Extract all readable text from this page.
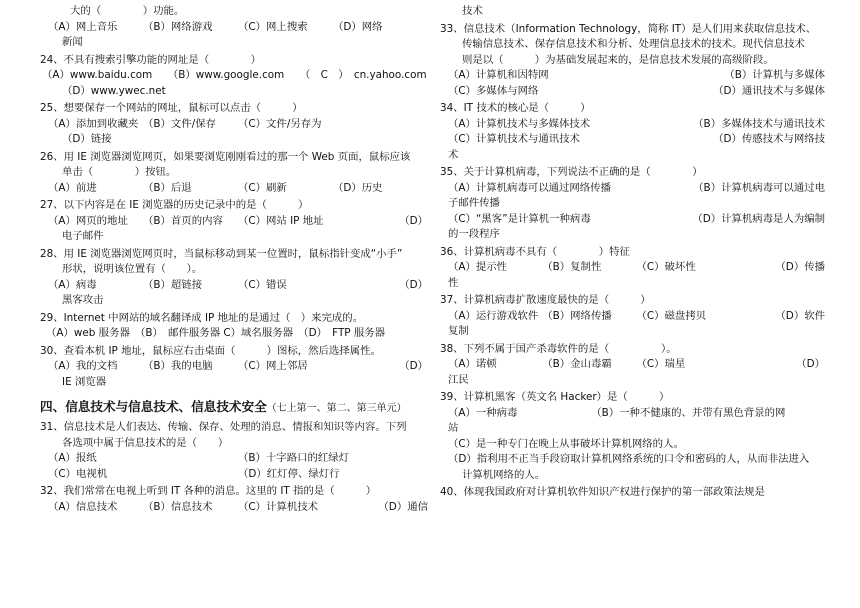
大的（　　　　）功能。

（A）网上音乐	（B）网络游戏	（C）网上搜索	（D）网络

新闻

24、不具有搜索引擎功能的网址是（　　　　）

（A）www.baidu.com　　（B）www.google.com　　（　C　）　cn.yahoo.com

（D）www.ywec.net

25、想要保存一个网站的网址，鼠标可以点击（　　　）

（A）添加到收藏夹 （B）文件/保存	（C）文件/另存为

（D）链接

26、用 IE 浏览器浏览网页，如果要浏览刚刚看过的那一个 Web 页面，鼠标应该

单击（　　　　）按钮。

（A）前进	（B）后退	（C）刷新	（D）历史

27、以下内容是在 IE 浏览器的历史记录中的是（　　　）

（A）网页的地址	（B）首页的内容	（C）网站 IP 地址	（D）

电子邮件

28、用 IE 浏览器浏览网页时，当鼠标移动到某一位置时，鼠标指针变成“小手”

形状，说明该位置有（　　）。

（A）病毒	（B）超链接	（C）错误	（D）

黑客攻击

29、Internet 中网站的域名翻译成 IP 地址的是通过（　）来完成的。

（A）web 服务器　（B）　邮件服务器 C）域名服务器　（D）　FTP 服务器

30、查看本机 IP 地址，鼠标应右击桌面（　　　）图标，然后选择属性。

（A）我的文档	（B）我的电脑	（C）网上邻居	（D）

IE 浏览器

四、信息技术与信息技术、信息技术安全（七上第一、第二、第三单元）

31、信息技术是人们表达、传输、保存、处理的消息、情报和知识等内容。下列

各选项中属于信息技术的是（　　）

（A）报纸	（B）十字路口的红绿灯
（C）电视机	（D）红灯停、绿灯行

32、我们常常在电视上听到 IT 各种的消息。这里的 IT 指的是（　　　）

（A）信息技术	（B）信息技术	（C）计算机技术	（D）通信

技术

33、信息技术（Information Technology，简称 IT）是人们用来获取信息技术、

传输信息技术、保存信息技术和分析、处理信息技术的技术。现代信息技术

则是以（　　　）为基础发展起来的，是信息技术发展的高级阶段。

（A）计算机和因特网	（B）计算机与多媒体
（C）多媒体与网络	（D）通讯技术与多媒体

34、IT 技术的核心是（　　　）

（A）计算机技术与多媒体技术	（B）多媒体技术与通讯技术
（C）计算机技术与通讯技术	（D）传感技术与网络技

术

35、关于计算机病毒，下列说法不正确的是（　　　　）

（A）计算机病毒可以通过网络传播	（B）计算机病毒可以通过电

子邮件传播

（C）“黑客”是计算机一种病毒	（D）计算机病毒是人为编制

的一段程序

36、计算机病毒不具有（　　　　）特征

（A）提示性	（B）复制性	（C）破坏性	（D）传播

性

37、计算机病毒扩散速度最快的是（　　　）

（A）运行游戏软件 （B）网络传播	（C）磁盘拷贝	（D）软件

复制

38、下列不属于国产杀毒软件的是（　　　　　）。

（A）诺顿	（B）金山毒霸	（C）瑞星	（D）

江民

39、计算机黑客（英文名 Hacker）是（　　　）

（A）一种病毒	（B）一种不健康的、并带有黑色背景的网

站

（C）是一种专门在晚上从事破坏计算机网络的人。

（D）指利用不正当手段窃取计算机网络系统的口令和密码的人，从而非法进入

计算机网络的人。

40、体现我国政府对计算机软件知识产权进行保护的第一部政策法规是
